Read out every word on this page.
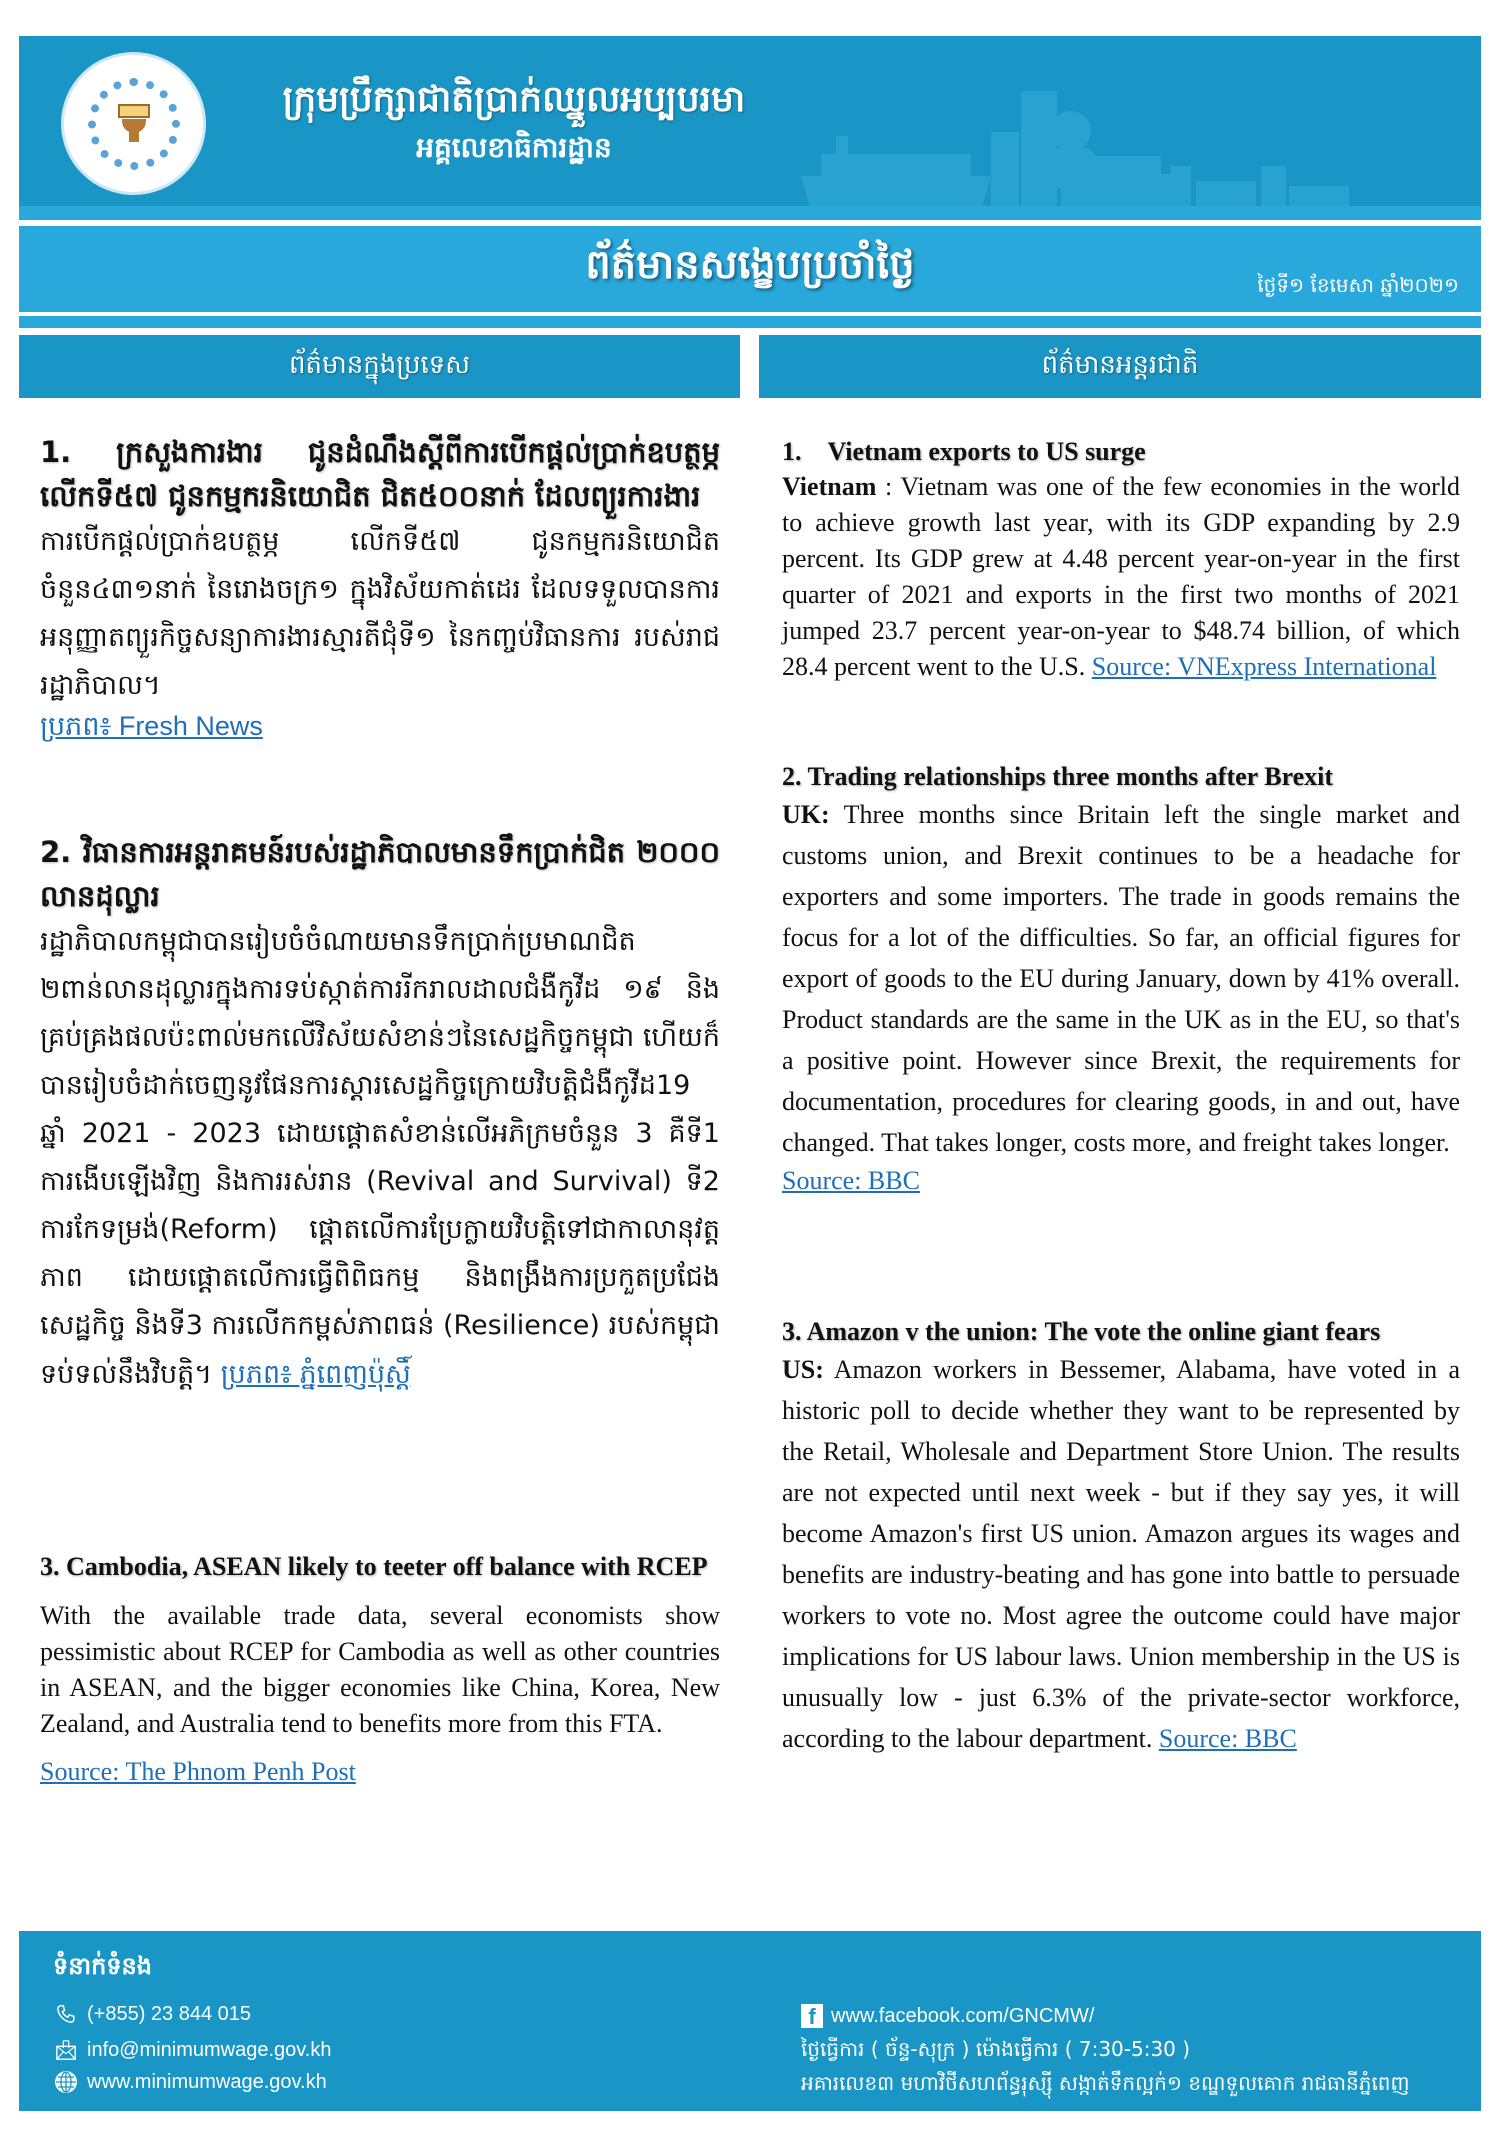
ក្រុមប្រឹក្សាជាតិប្រាក់ឈ្នួលអប្បបរមា
អគ្គលេខាធិការដ្ឋាន
ព័ត៌មានសង្ខេបប្រចាំថ្ងៃ	ថ្ងៃទី១ ខែមេសា ឆ្នាំ២០២១
ព័ត៌មានក្នុងប្រទេស	ព័ត៌មានអន្តរជាតិ
1. ក្រសួងការងារ ជូនដំណឹងស្តីពីការបើកផ្តល់ប្រាក់ឧបត្ថម្ភ លើកទី៥៧ ជូនកម្មករនិយោជិត ជិត៥០០នាក់ ដែលព្យួរការងារ
ការបើកផ្តល់ប្រាក់ឧបត្ថម្ភ លើកទី៥៧ ជូនកម្មករនិយោជិត ចំនួន៤៣១នាក់ នៃរោងចក្រ១ ក្នុងវិស័យកាត់ដេរ ដែលទទួលបានការអនុញ្ញាតព្យួរកិច្ចសន្យាការងារស្មារតីជុំទី១ នៃកញ្ចប់វិធានការ របស់រាជរដ្ឋាភិបាល។
ប្រភព៖ Fresh News
2. វិធានការអន្តរាគមន៍របស់រដ្ឋាភិបាលមានទឹកប្រាក់ជិត ២០០០ លានដុល្លារ
រដ្ឋាភិបាលកម្ពុជាបានរៀបចំចំណាយមានទឹកប្រាក់ប្រមាណជិត ២ពាន់លានដុល្លារក្នុងការទប់ស្កាត់ការរីករាលដាលជំងឺកូវីដ ១៩ និងគ្រប់គ្រងផលប៉ះពាល់មកលើវិស័យសំខាន់ៗនៃសេដ្ឋកិច្ចកម្ពុជា ហើយក៏បានរៀបចំដាក់ចេញនូវផែនការស្តារសេដ្ឋកិច្ចក្រោយវិបត្តិជំងឺកូវីដ19 ឆ្នាំ 2021 - 2023 ដោយផ្តោតសំខាន់លើអភិក្រមចំនួន 3 គឺទី1 ការងើបឡើងវិញ និងការរស់រាន (Revival and Survival) ទី2 ការកែទម្រង់(Reform) ផ្តោតលើការប្រែក្លាយវិបត្តិទៅជាកាលានុវត្តភាព ដោយផ្តោតលើការធ្វើពិពិធកម្ម និងពង្រឹងការប្រកួតប្រជែងសេដ្ឋកិច្ច និងទី3 ការលើកកម្ពស់ភាពធន់ (Resilience) របស់កម្ពុជាទប់ទល់នឹងវិបត្តិ។ ប្រភព៖ ភ្នំពេញប៉ុស្តិ៍
3. Cambodia, ASEAN likely to teeter off balance with RCEP
With the available trade data, several economists show pessimistic about RCEP for Cambodia as well as other countries in ASEAN, and the bigger economies like China, Korea, New Zealand, and Australia tend to benefits more from this FTA.
Source: The Phnom Penh Post
1.    Vietnam exports to US surge
Vietnam : Vietnam was one of the few economies in the world to achieve growth last year, with its GDP expanding by 2.9 percent. Its GDP grew at 4.48 percent year-on-year in the first quarter of 2021 and exports in the first two months of 2021 jumped 23.7 percent year-on-year to $48.74 billion, of which 28.4 percent went to the U.S. Source: VNExpress International
2. Trading relationships three months after Brexit
UK: Three months since Britain left the single market and customs union, and Brexit continues to be a headache for exporters and some importers. The trade in goods remains the focus for a lot of the difficulties. So far, an official figures for export of goods to the EU during January, down by 41% overall. Product standards are the same in the UK as in the EU, so that's a positive point. However since Brexit, the requirements for documentation, procedures for clearing goods, in and out, have changed. That takes longer, costs more, and freight takes longer.
Source: BBC
3. Amazon v the union: The vote the online giant fears
US: Amazon workers in Bessemer, Alabama, have voted in a historic poll to decide whether they want to be represented by the Retail, Wholesale and Department Store Union. The results are not expected until next week - but if they say yes, it will become Amazon's first US union. Amazon argues its wages and benefits are industry-beating and has gone into battle to persuade workers to vote no. Most agree the outcome could have major implications for US labour laws. Union membership in the US is unusually low - just 6.3% of the private-sector workforce, according to the labour department. Source: BBC
ទំនាក់ទំនង
(+855) 23 844 015
info@minimumwage.gov.kh
www.minimumwage.gov.kh
f www.facebook.com/GNCMW/
ថ្ងៃធ្វើការ ( ច័ន្ទ-សុក្រ ) ម៉ោងធ្វើការ ( 7:30-5:30 )
អគារលេខ៣ មហាវិថីសហព័ន្ធរុស្ស៊ី សង្កាត់ទឹកល្អក់១ ខណ្ឌទួលគោក រាជធានីភ្នំពេញ
